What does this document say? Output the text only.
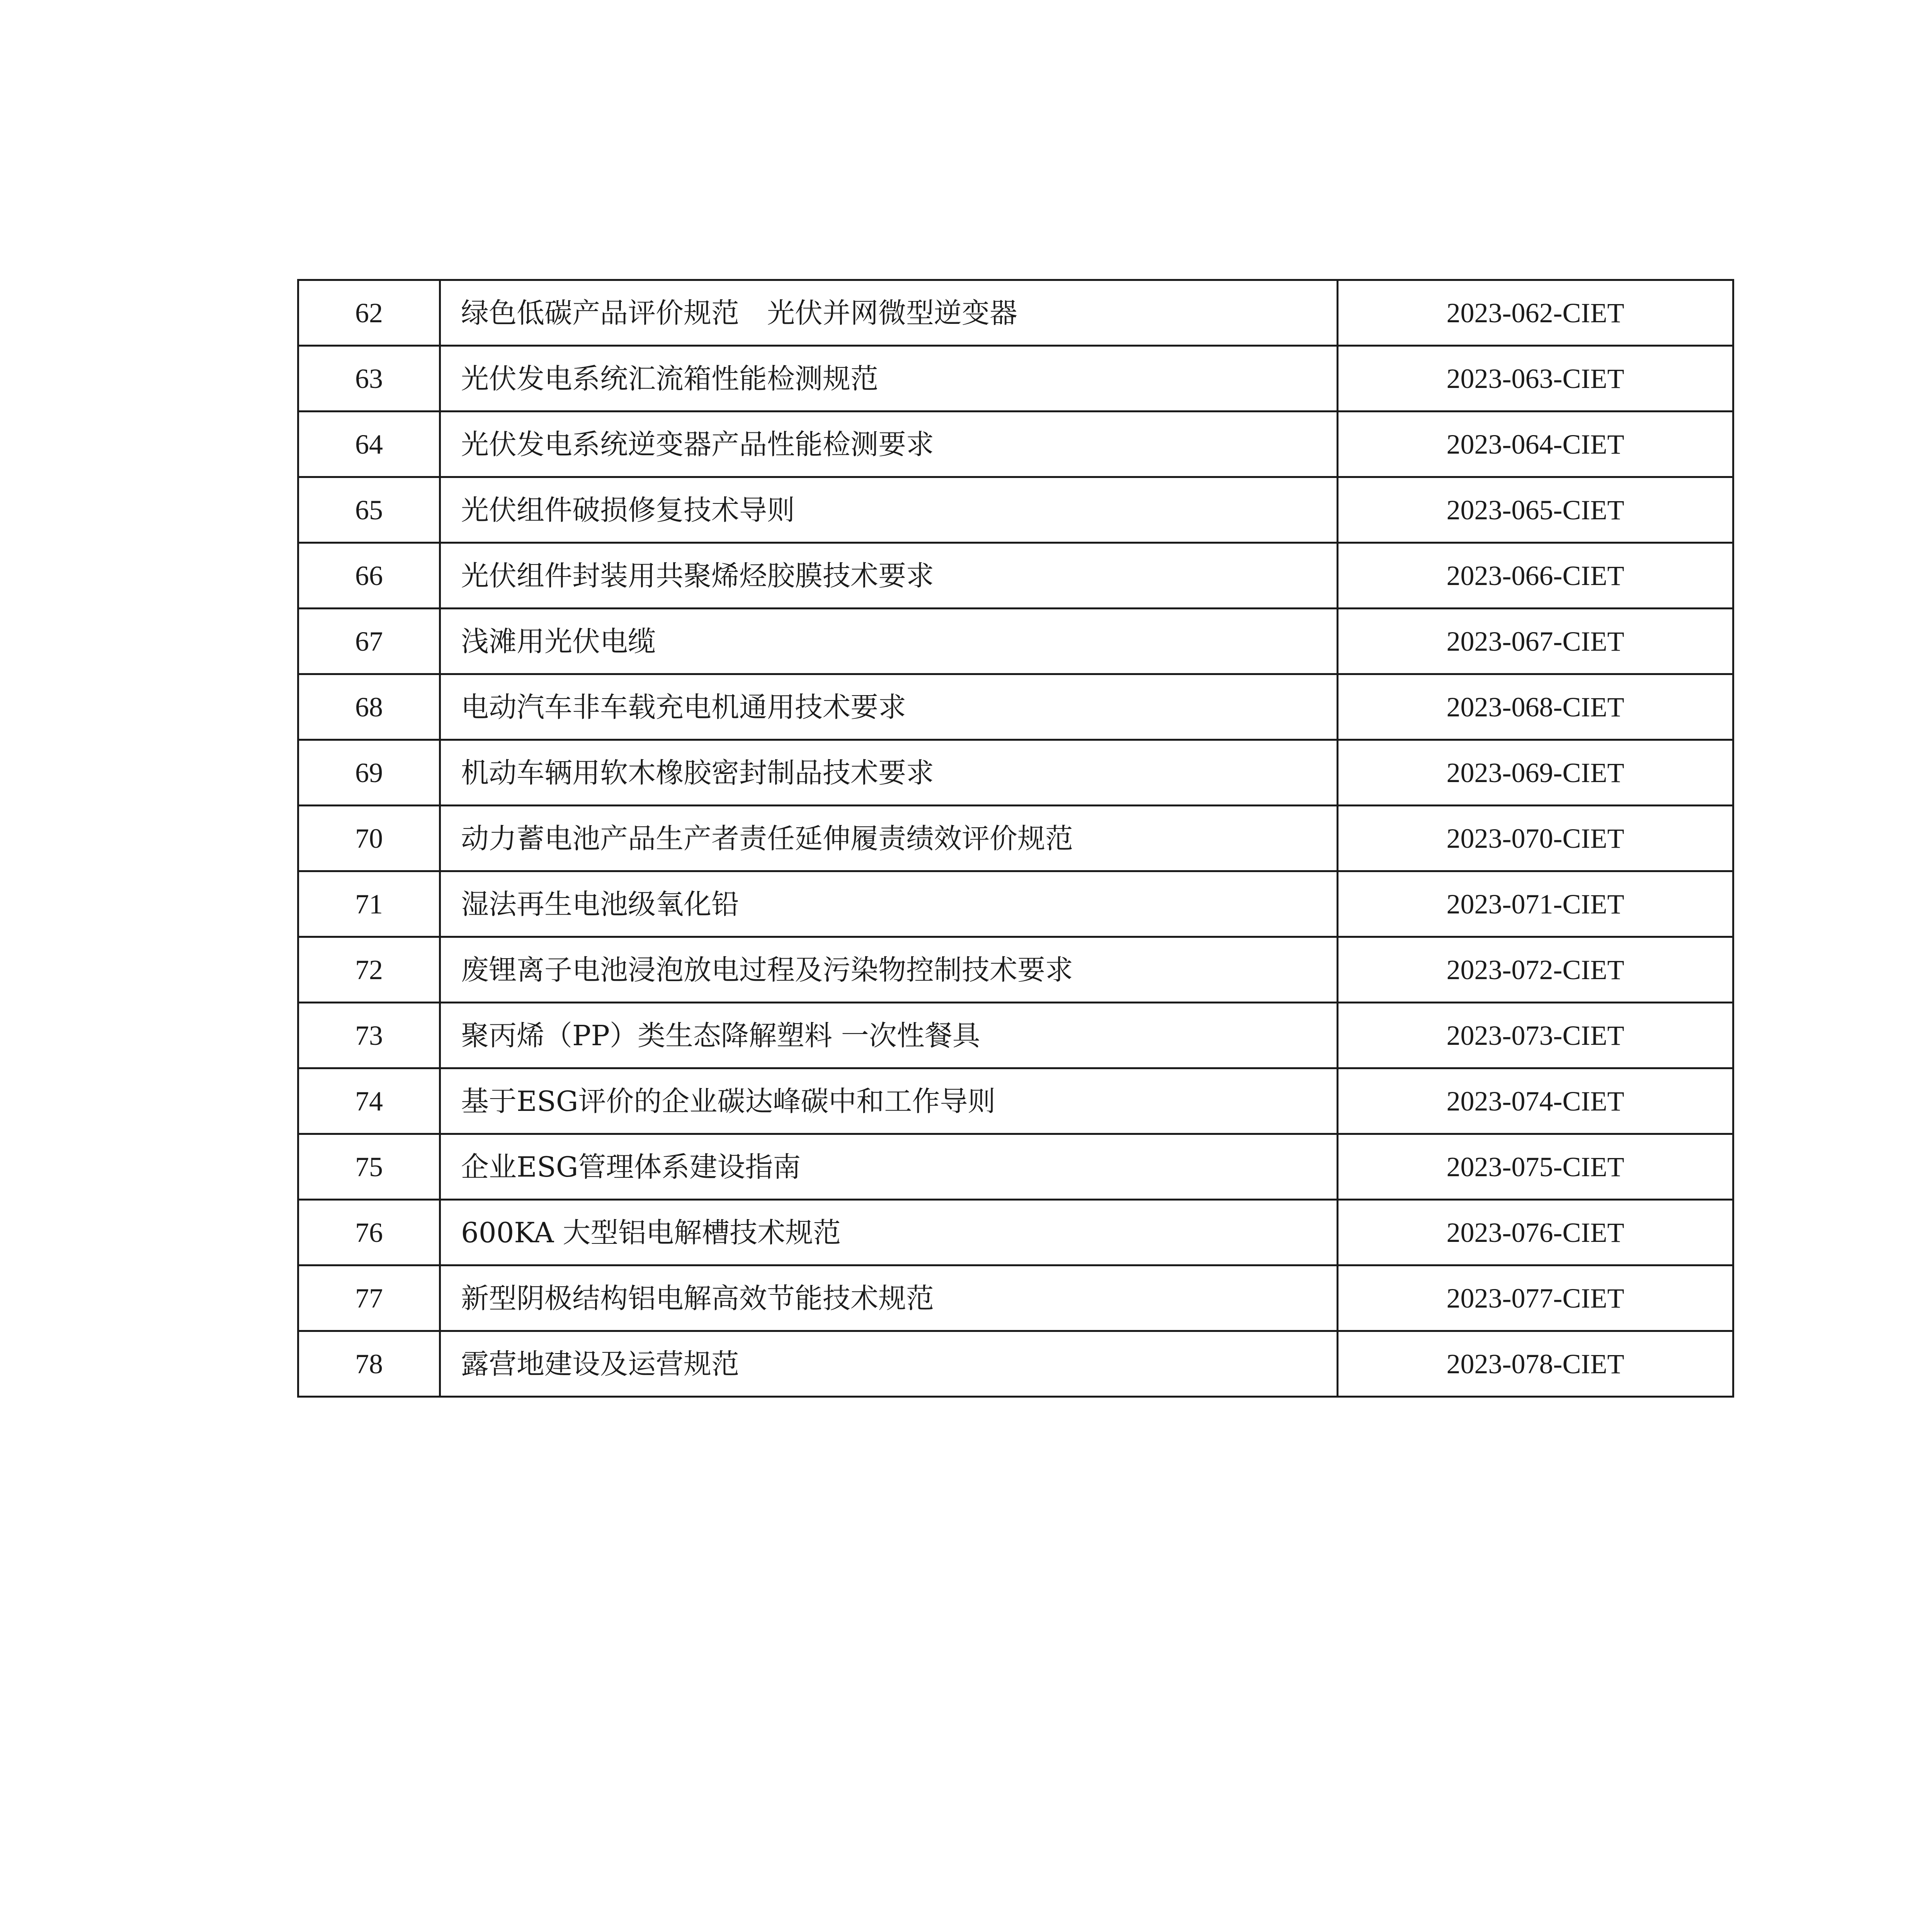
62	绿色低碳产品评价规范　光伏并网微型逆变器	2023-062-CIET
63	光伏发电系统汇流箱性能检测规范	2023-063-CIET
64	光伏发电系统逆变器产品性能检测要求	2023-064-CIET
65	光伏组件破损修复技术导则	2023-065-CIET
66	光伏组件封装用共聚烯烃胶膜技术要求	2023-066-CIET
67	浅滩用光伏电缆	2023-067-CIET
68	电动汽车非车载充电机通用技术要求	2023-068-CIET
69	机动车辆用软木橡胶密封制品技术要求	2023-069-CIET
70	动力蓄电池产品生产者责任延伸履责绩效评价规范	2023-070-CIET
71	湿法再生电池级氧化铅	2023-071-CIET
72	废锂离子电池浸泡放电过程及污染物控制技术要求	2023-072-CIET
73	聚丙烯（PP）类生态降解塑料 一次性餐具	2023-073-CIET
74	基于ESG评价的企业碳达峰碳中和工作导则	2023-074-CIET
75	企业ESG管理体系建设指南	2023-075-CIET
76	600KA 大型铝电解槽技术规范	2023-076-CIET
77	新型阴极结构铝电解高效节能技术规范	2023-077-CIET
78	露营地建设及运营规范	2023-078-CIET
